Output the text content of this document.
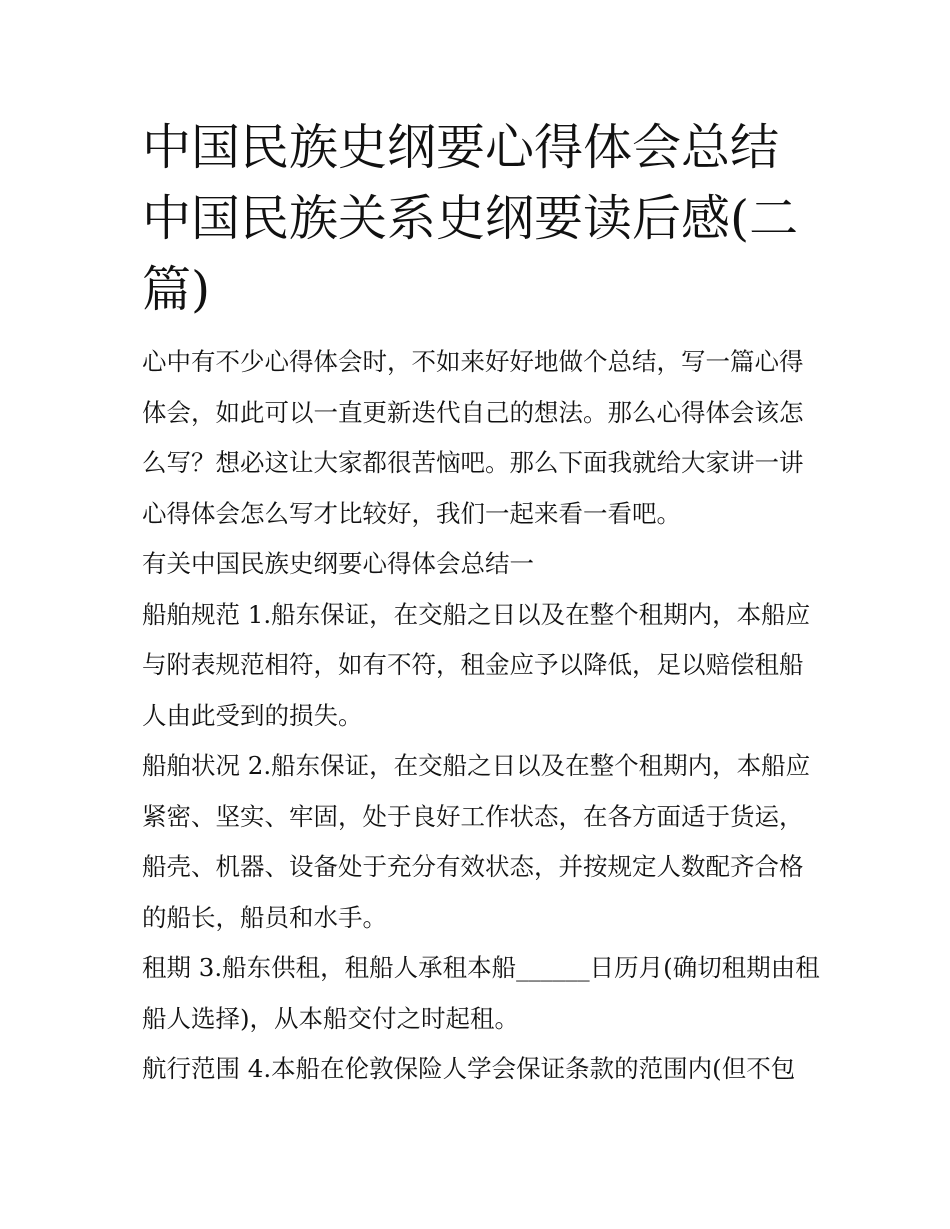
中国民族史纲要心得体会总结中国民族关系史纲要读后感(二篇)

心中有不少心得体会时，不如来好好地做个总结，写一篇心得体会，如此可以一直更新迭代自己的想法。那么心得体会该怎么写？想必这让大家都很苦恼吧。那么下面我就给大家讲一讲心得体会怎么写才比较好，我们一起来看一看吧。

有关中国民族史纲要心得体会总结一

船舶规范 1.船东保证，在交船之日以及在整个租期内，本船应与附表规范相符，如有不符，租金应予以降低，足以赔偿租船人由此受到的损失。

船舶状况 2.船东保证，在交船之日以及在整个租期内，本船应紧密、坚实、牢固，处于良好工作状态，在各方面适于货运，船壳、机器、设备处于充分有效状态，并按规定人数配齐合格的船长，船员和水手。

租期 3.船东供租，租船人承租本船______日历月(确切租期由租船人选择)，从本船交付之时起租。

航行范围 4.本船在伦敦保险人学会保证条款的范围内(但不包
